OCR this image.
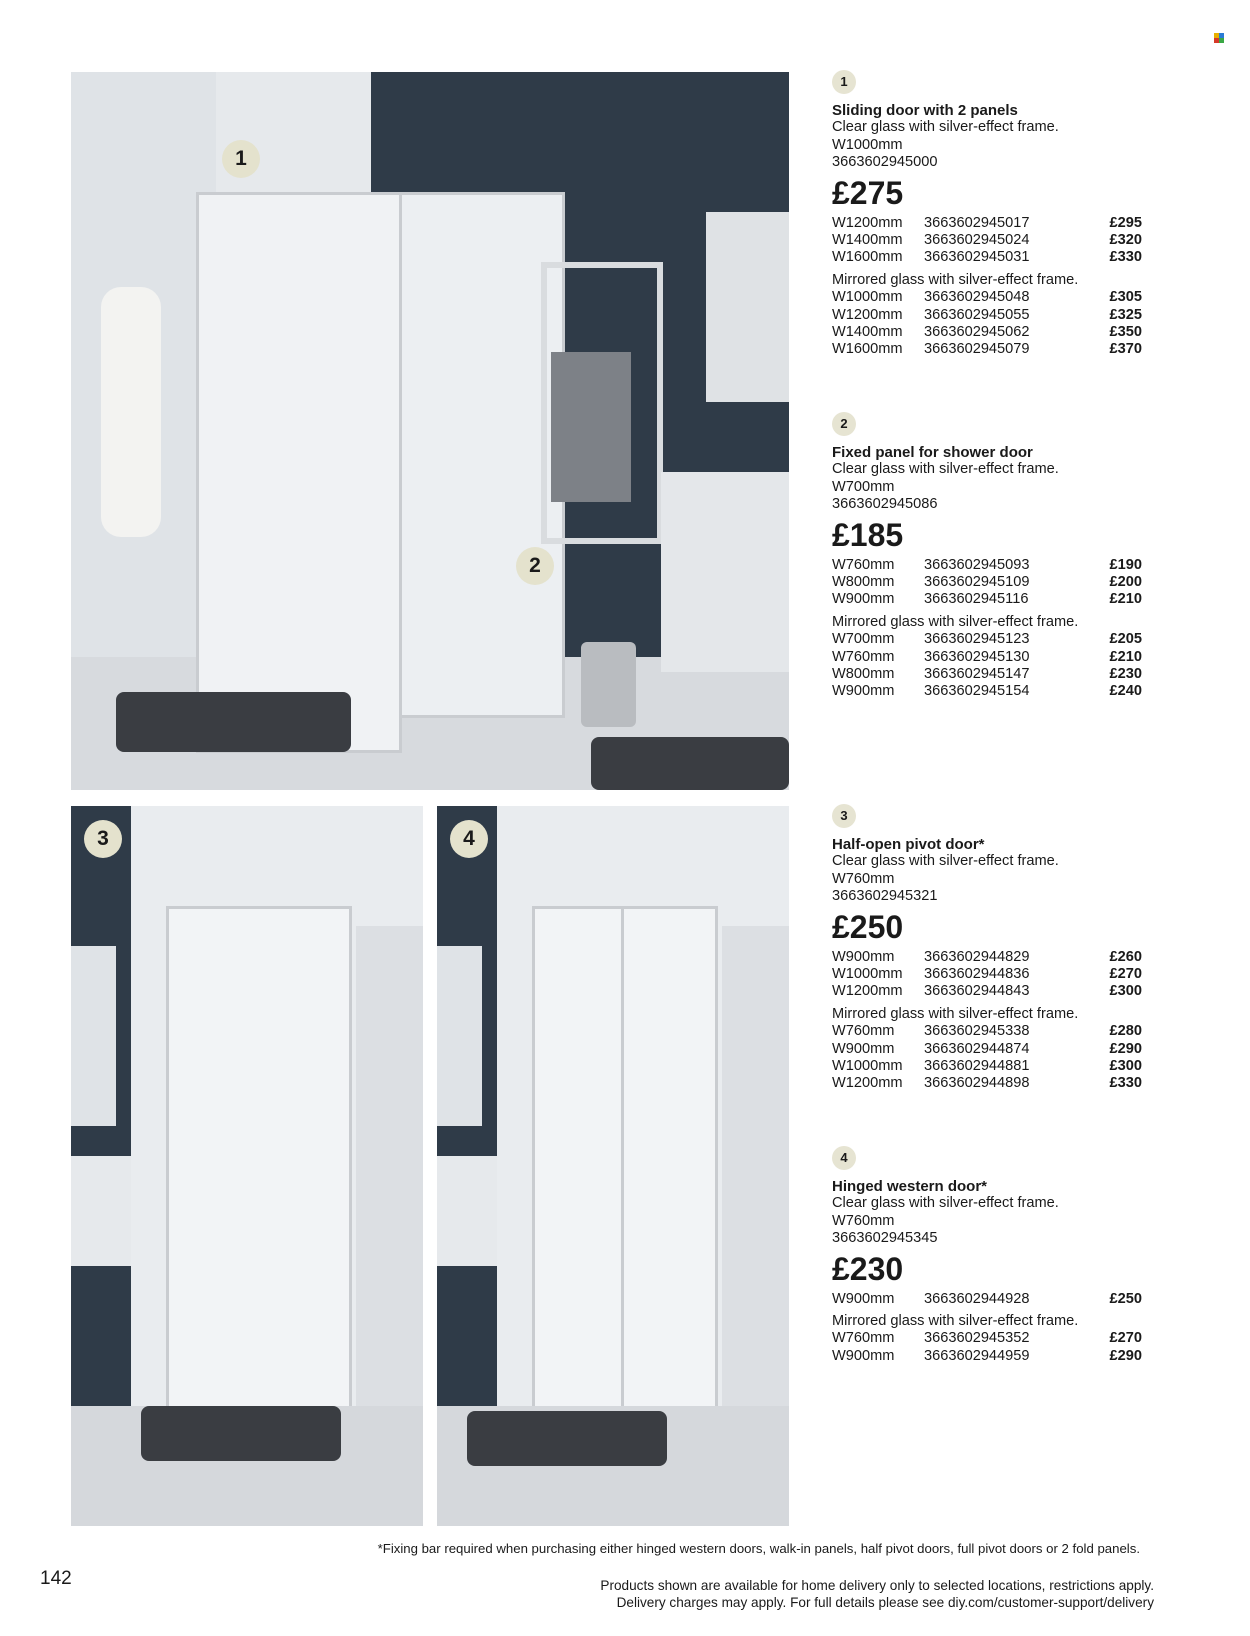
1
2
3	4
1
Sliding door with 2 panels
Clear glass with silver-effect frame.
W1000mm
3663602945000
£275
W1200mm	3663602945017	£295
W1400mm	3663602945024	£320
W1600mm	3663602945031	£330
Mirrored glass with silver-effect frame.
W1000mm	3663602945048	£305
W1200mm	3663602945055	£325
W1400mm	3663602945062	£350
W1600mm	3663602945079	£370
2
Fixed panel for shower door
Clear glass with silver-effect frame.
W700mm
3663602945086
£185
W760mm	3663602945093	£190
W800mm	3663602945109	£200
W900mm	3663602945116	£210
Mirrored glass with silver-effect frame.
W700mm	3663602945123	£205
W760mm	3663602945130	£210
W800mm	3663602945147	£230
W900mm	3663602945154	£240
3
Half-open pivot door*
Clear glass with silver-effect frame.
W760mm
3663602945321
£250
W900mm	3663602944829	£260
W1000mm	3663602944836	£270
W1200mm	3663602944843	£300
Mirrored glass with silver-effect frame.
W760mm	3663602945338	£280
W900mm	3663602944874	£290
W1000mm	3663602944881	£300
W1200mm	3663602944898	£330
4
Hinged western door*
Clear glass with silver-effect frame.
W760mm
3663602945345
£230
W900mm	3663602944928	£250
Mirrored glass with silver-effect frame.
W760mm	3663602945352	£270
W900mm	3663602944959	£290
*Fixing bar required when purchasing either hinged western doors, walk-in panels, half pivot doors, full pivot doors or 2 fold panels.
142	Products shown are available for home delivery only to selected locations, restrictions apply.
Delivery charges may apply. For full details please see diy.com/customer-support/delivery
